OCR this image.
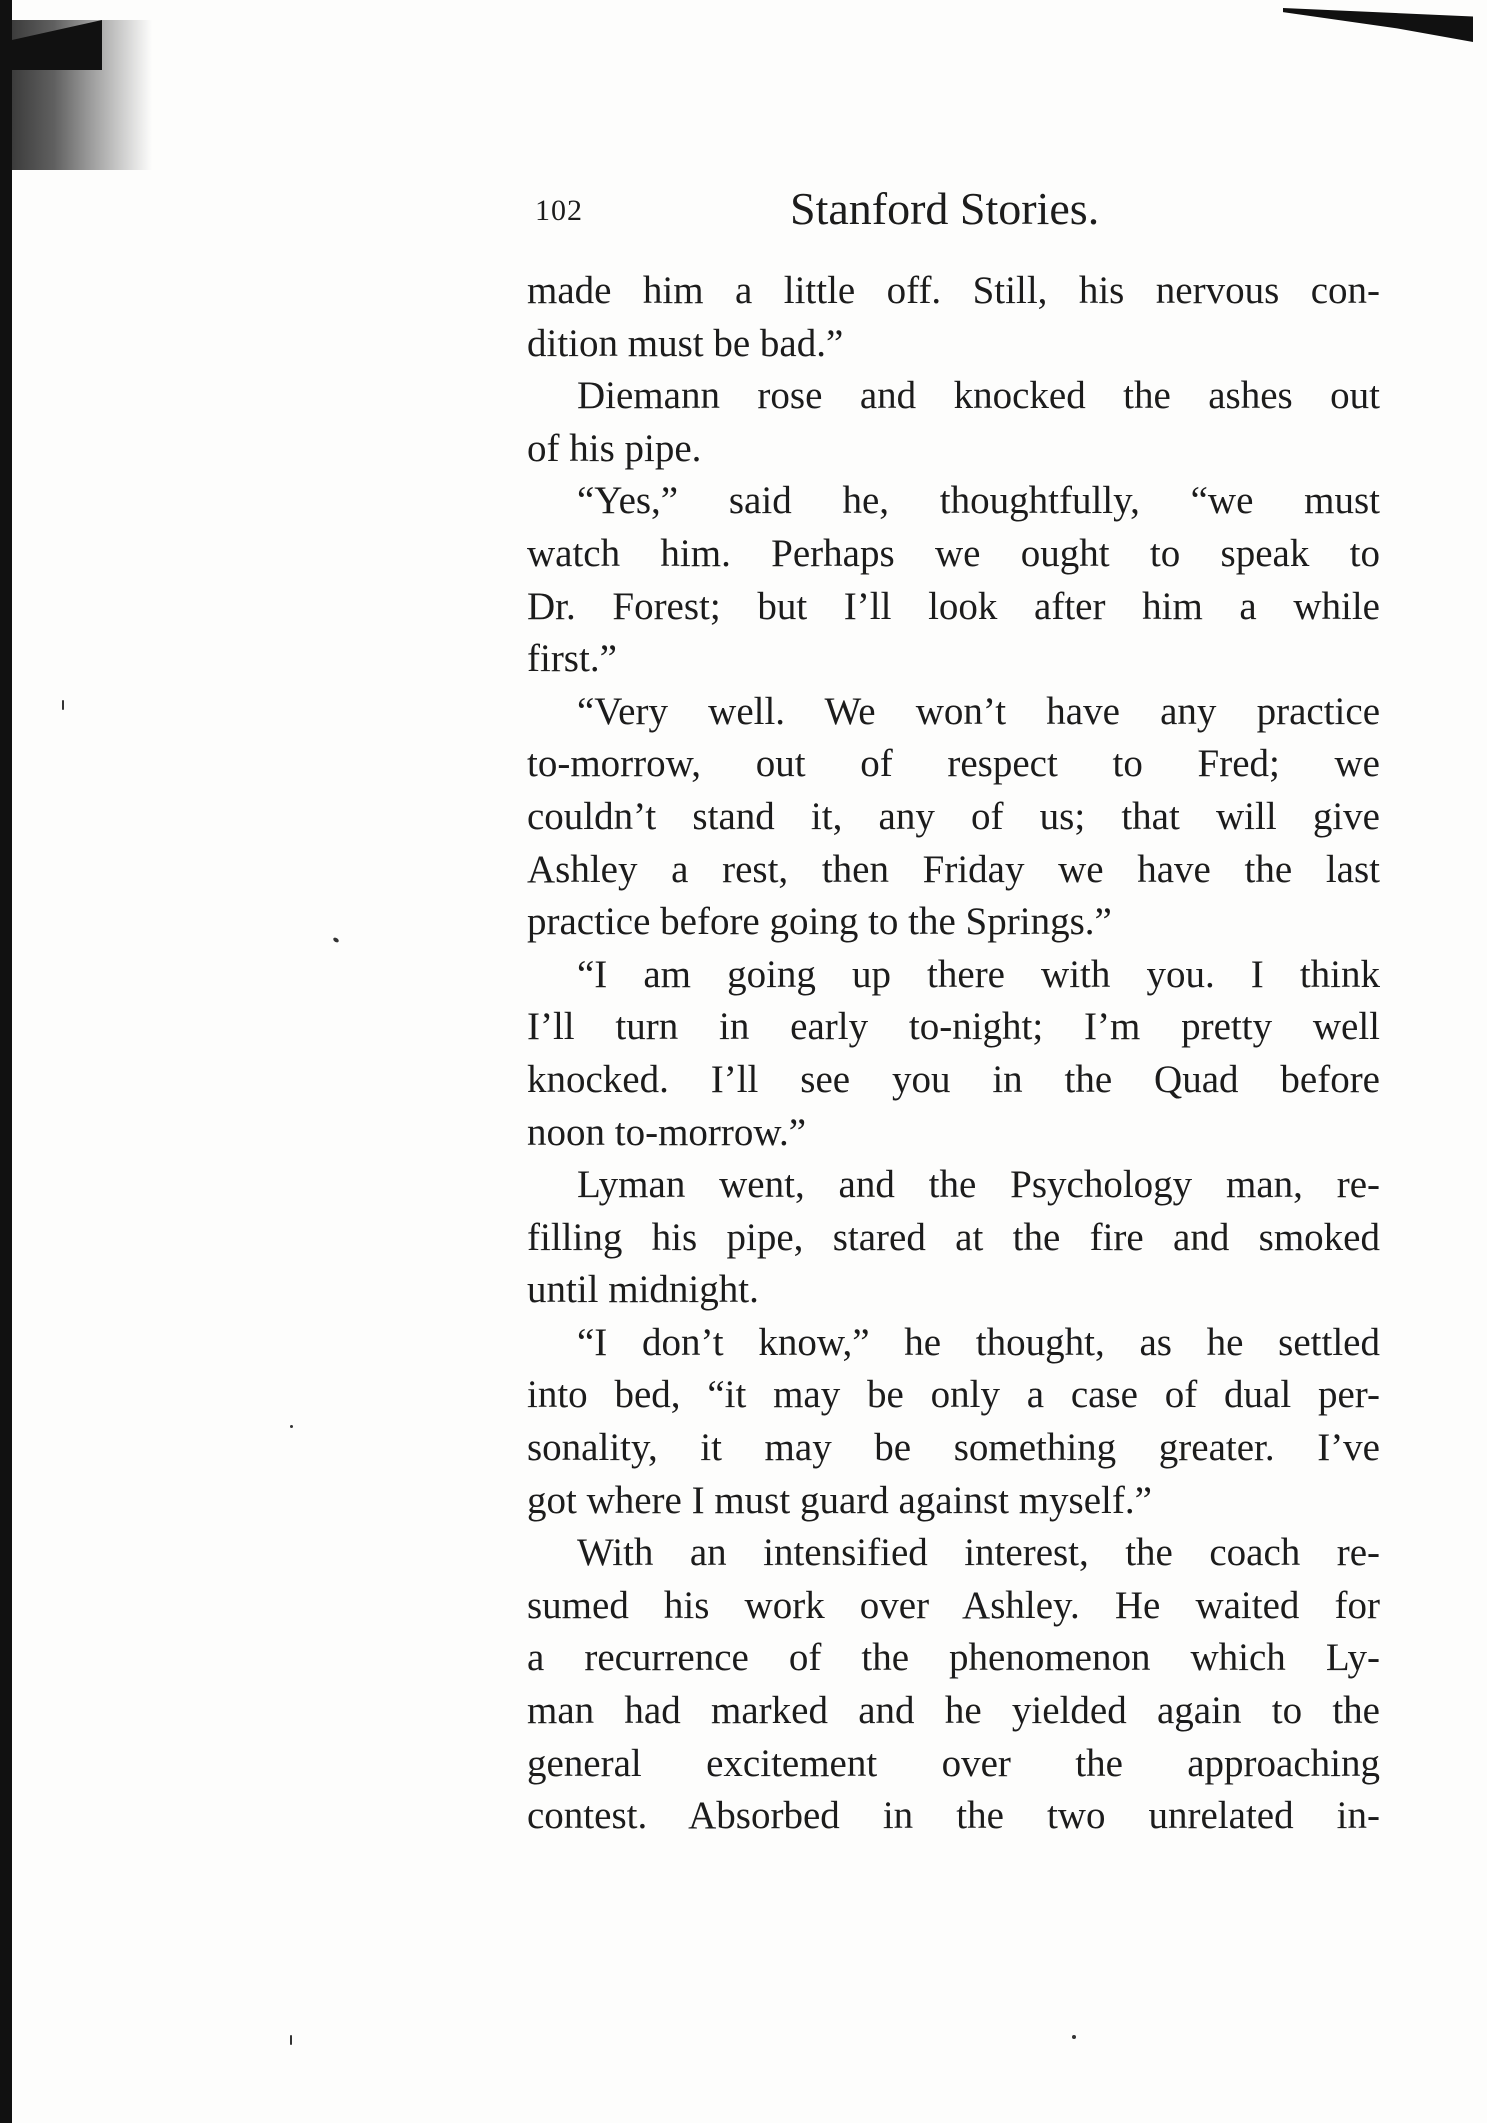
102	Stanford Stories.
made him a little off. Still, his nervous con-
dition must be bad.”
Diemann rose and knocked the ashes out
of his pipe.
“Yes,” said he, thoughtfully, “we must
watch him. Perhaps we ought to speak to
Dr. Forest; but I’ll look after him a while
first.”
“Very well. We won’t have any practice
to-morrow, out of respect to Fred; we
couldn’t stand it, any of us; that will give
Ashley a rest, then Friday we have the last
practice before going to the Springs.”
“I am going up there with you. I think
I’ll turn in early to-night; I’m pretty well
knocked. I’ll see you in the Quad before
noon to-morrow.”
Lyman went, and the Psychology man, re-
filling his pipe, stared at the fire and smoked
until midnight.
“I don’t know,” he thought, as he settled
into bed, “it may be only a case of dual per-
sonality, it may be something greater. I’ve
got where I must guard against myself.”
With an intensified interest, the coach re-
sumed his work over Ashley. He waited for
a recurrence of the phenomenon which Ly-
man had marked and he yielded again to the
general excitement over the approaching
contest. Absorbed in the two unrelated in-
